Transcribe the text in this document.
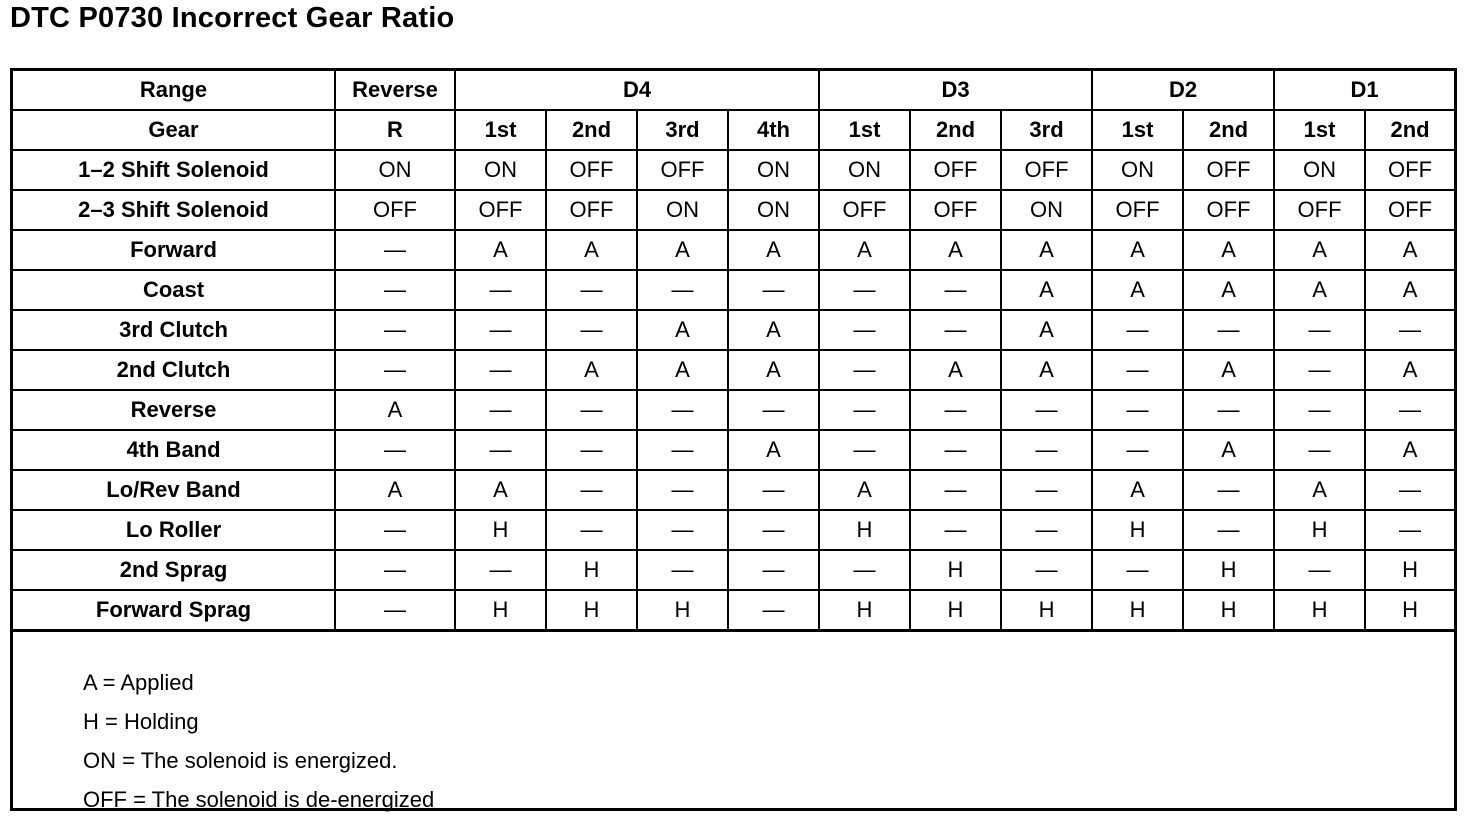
DTC P0730 Incorrect Gear Ratio
Range	Reverse	D4				D3			D2		D1	
Gear	R	1st	2nd	3rd	4th	1st	2nd	3rd	1st	2nd	1st	2nd
1–2 Shift Solenoid	ON	ON	OFF	OFF	ON	ON	OFF	OFF	ON	OFF	ON	OFF
2–3 Shift Solenoid	OFF	OFF	OFF	ON	ON	OFF	OFF	ON	OFF	OFF	OFF	OFF
Forward	—	A	A	A	A	A	A	A	A	A	A	A
Coast	—	—	—	—	—	—	—	A	A	A	A	A
3rd Clutch	—	—	—	A	A	—	—	A	—	—	—	—
2nd Clutch	—	—	A	A	A	—	A	A	—	A	—	A
Reverse	A	—	—	—	—	—	—	—	—	—	—	—
4th Band	—	—	—	—	A	—	—	—	—	A	—	A
Lo/Rev Band	A	A	—	—	—	A	—	—	A	—	A	—
Lo Roller	—	H	—	—	—	H	—	—	H	—	H	—
2nd Sprag	—	—	H	—	—	—	H	—	—	H	—	H
Forward Sprag	—	H	H	H	—	H	H	H	H	H	H	H
A = Applied
H = Holding
ON = The solenoid is energized.
OFF = The solenoid is de-energized
